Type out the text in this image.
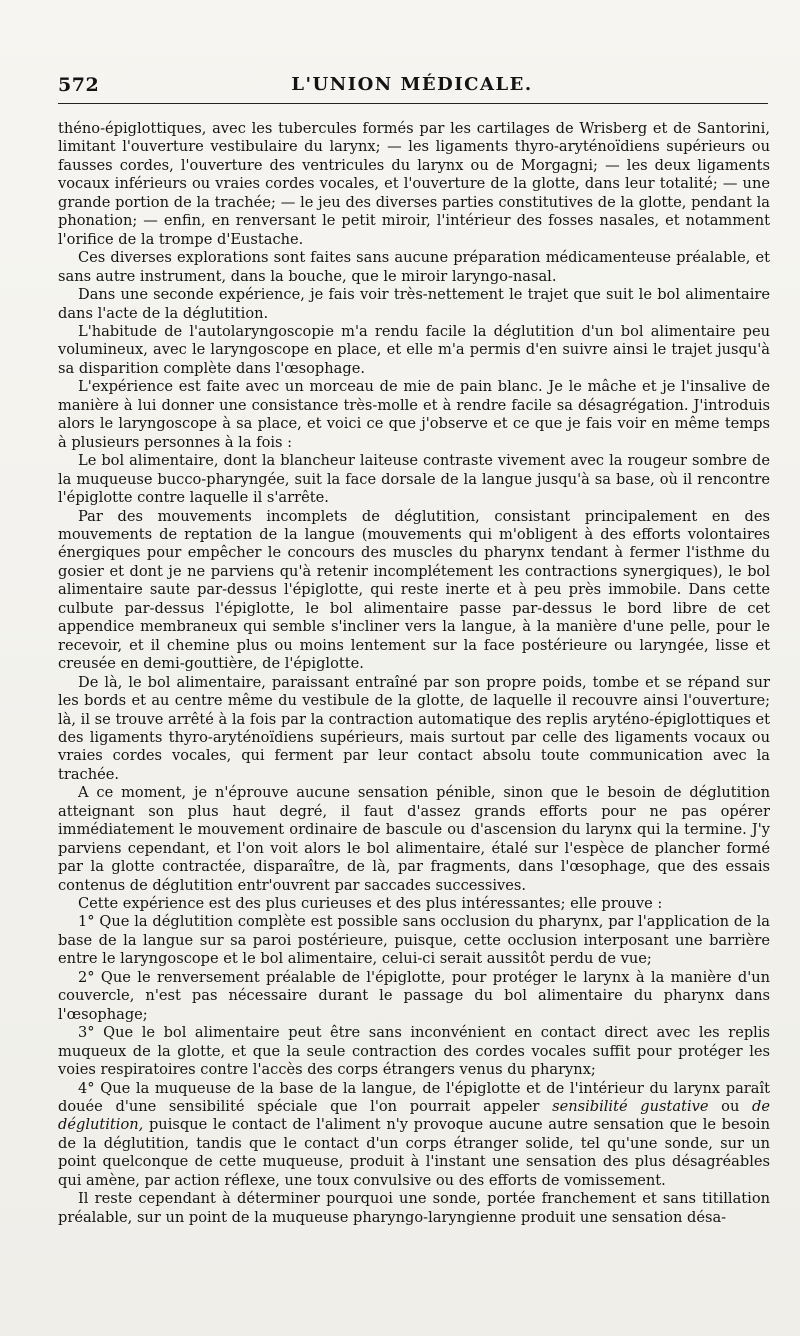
572	L'UNION MÉDICALE.

théno-épiglottiques, avec les tubercules formés par les cartilages de Wrisberg et de Santorini, limitant l'ouverture vestibulaire du larynx; — les ligaments thyro-aryténoïdiens supérieurs ou fausses cordes, l'ouverture des ventricules du larynx ou de Morgagni; — les deux ligaments vocaux inférieurs ou vraies cordes vocales, et l'ouverture de la glotte, dans leur totalité; — une grande portion de la trachée; — le jeu des diverses parties constitutives de la glotte, pendant la phonation; — enfin, en renversant le petit miroir, l'intérieur des fosses nasales, et notamment l'orifice de la trompe d'Eustache.

Ces diverses explorations sont faites sans aucune préparation médicamenteuse préalable, et sans autre instrument, dans la bouche, que le miroir laryngo-nasal.

Dans une seconde expérience, je fais voir très-nettement le trajet que suit le bol alimentaire dans l'acte de la déglutition.

L'habitude de l'autolaryngoscopie m'a rendu facile la déglutition d'un bol alimentaire peu volumineux, avec le laryngoscope en place, et elle m'a permis d'en suivre ainsi le trajet jusqu'à sa disparition complète dans l'œsophage.

L'expérience est faite avec un morceau de mie de pain blanc. Je le mâche et je l'insalive de manière à lui donner une consistance très-molle et à rendre facile sa désagrégation. J'introduis alors le laryngoscope à sa place, et voici ce que j'observe et ce que je fais voir en même temps à plusieurs personnes à la fois :

Le bol alimentaire, dont la blancheur laiteuse contraste vivement avec la rougeur sombre de la muqueuse bucco-pharyngée, suit la face dorsale de la langue jusqu'à sa base, où il rencontre l'épiglotte contre laquelle il s'arrête.

Par des mouvements incomplets de déglutition, consistant principalement en des mouvements de reptation de la langue (mouvements qui m'obligent à des efforts volontaires énergiques pour empêcher le concours des muscles du pharynx tendant à fermer l'isthme du gosier et dont je ne parviens qu'à retenir incomplétement les contractions synergiques), le bol alimentaire saute par-dessus l'épiglotte, qui reste inerte et à peu près immobile. Dans cette culbute par-dessus l'épiglotte, le bol alimentaire passe par-dessus le bord libre de cet appendice membraneux qui semble s'incliner vers la langue, à la manière d'une pelle, pour le recevoir, et il chemine plus ou moins lentement sur la face postérieure ou laryngée, lisse et creusée en demi-gouttière, de l'épiglotte.

De là, le bol alimentaire, paraissant entraîné par son propre poids, tombe et se répand sur les bords et au centre même du vestibule de la glotte, de laquelle il recouvre ainsi l'ouverture; là, il se trouve arrêté à la fois par la contraction automatique des replis aryténo-épiglottiques et des ligaments thyro-aryténoïdiens supérieurs, mais surtout par celle des ligaments vocaux ou vraies cordes vocales, qui ferment par leur contact absolu toute communication avec la trachée.

A ce moment, je n'éprouve aucune sensation pénible, sinon que le besoin de déglutition atteignant son plus haut degré, il faut d'assez grands efforts pour ne pas opérer immédiatement le mouvement ordinaire de bascule ou d'ascension du larynx qui la termine. J'y parviens cependant, et l'on voit alors le bol alimentaire, étalé sur l'espèce de plancher formé par la glotte contractée, disparaître, de là, par fragments, dans l'œsophage, que des essais contenus de déglutition entr'ouvrent par saccades successives.

Cette expérience est des plus curieuses et des plus intéressantes; elle prouve :

1° Que la déglutition complète est possible sans occlusion du pharynx, par l'application de la base de la langue sur sa paroi postérieure, puisque, cette occlusion interposant une barrière entre le laryngoscope et le bol alimentaire, celui-ci serait aussitôt perdu de vue;

2° Que le renversement préalable de l'épiglotte, pour protéger le larynx à la manière d'un couvercle, n'est pas nécessaire durant le passage du bol alimentaire du pharynx dans l'œsophage;

3° Que le bol alimentaire peut être sans inconvénient en contact direct avec les replis muqueux de la glotte, et que la seule contraction des cordes vocales suffit pour protéger les voies respiratoires contre l'accès des corps étrangers venus du pharynx;

4° Que la muqueuse de la base de la langue, de l'épiglotte et de l'intérieur du larynx paraît douée d'une sensibilité spéciale que l'on pourrait appeler sensibilité gustative ou de déglutition, puisque le contact de l'aliment n'y provoque aucune autre sensation que le besoin de la déglutition, tandis que le contact d'un corps étranger solide, tel qu'une sonde, sur un point quelconque de cette muqueuse, produit à l'instant une sensation des plus désagréables qui amène, par action réflexe, une toux convulsive ou des efforts de vomissement.

Il reste cependant à déterminer pourquoi une sonde, portée franchement et sans titillation préalable, sur un point de la muqueuse pharyngo-laryngienne produit une sensation désa-
